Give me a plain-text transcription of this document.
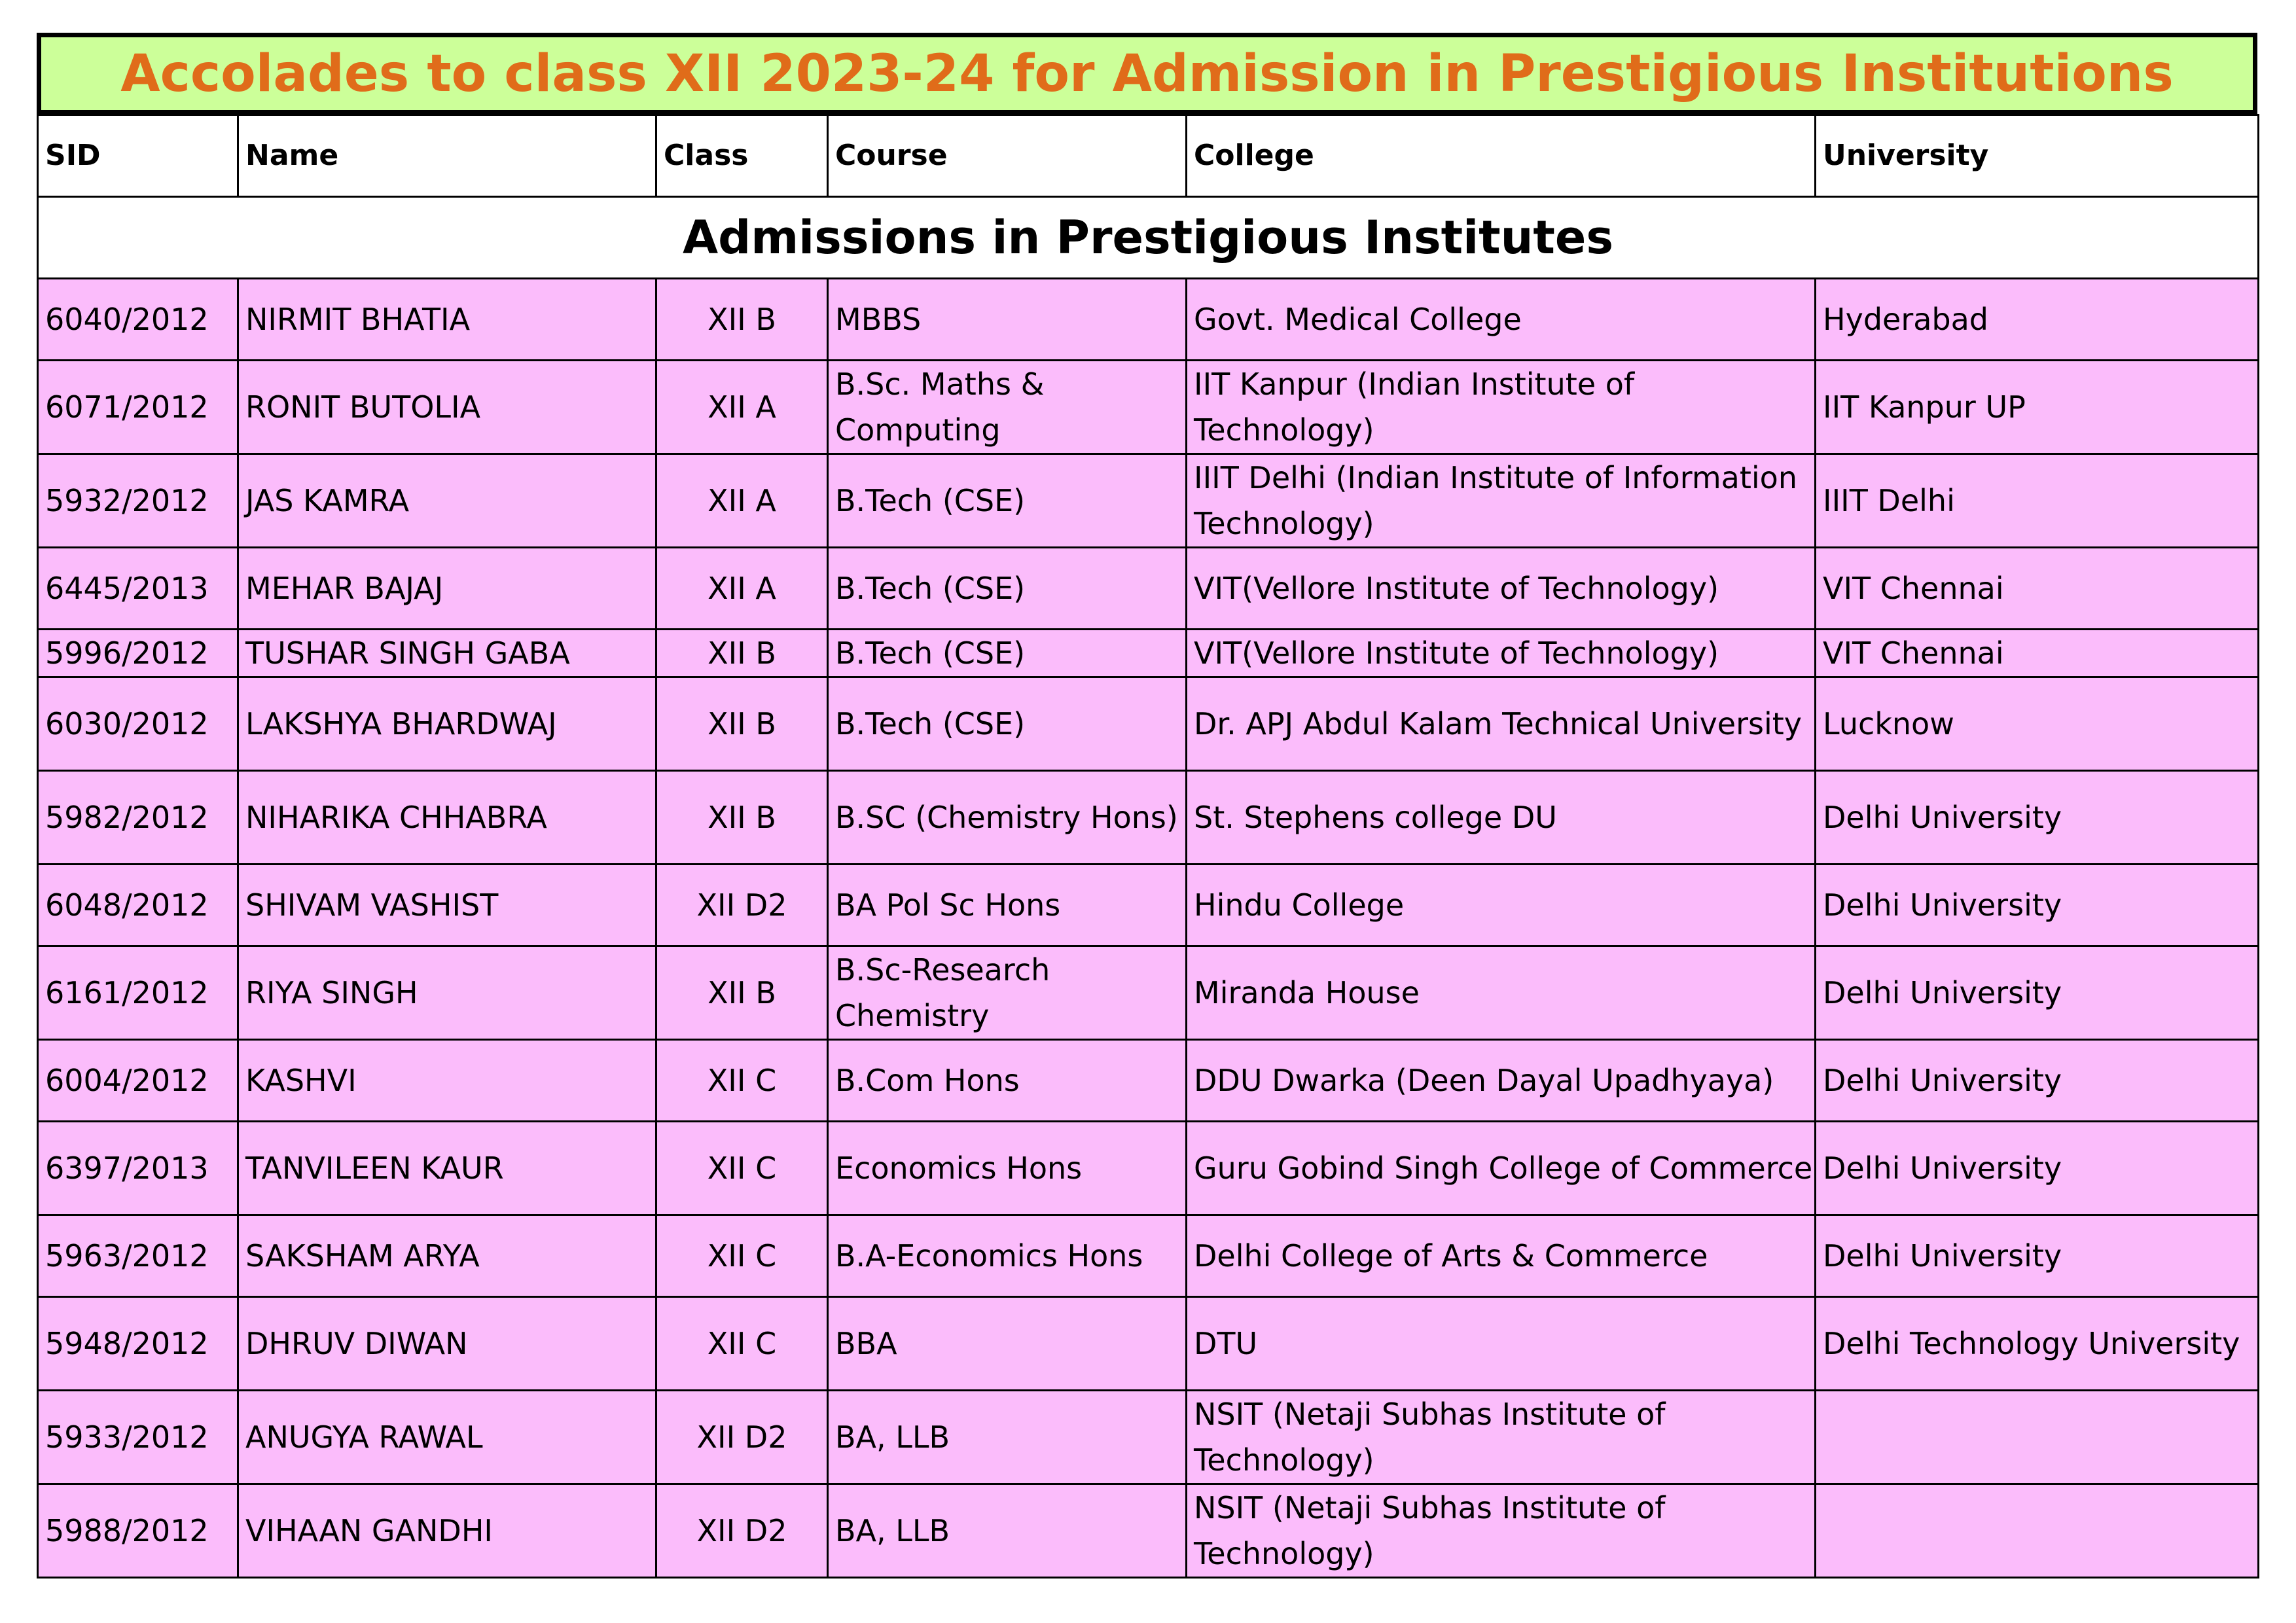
Accolades to class XII 2023-24 for Admission in Prestigious Institutions
SID	Name	Class	Course	College	University
Admissions in Prestigious Institutes					
6040/2012	NIRMIT BHATIA	XII B	MBBS	Govt. Medical College	Hyderabad
6071/2012	RONIT BUTOLIA	XII A	B.Sc. Maths & Computing	IIT Kanpur (Indian Institute of Technology)	IIT Kanpur UP
5932/2012	JAS KAMRA	XII A	B.Tech (CSE)	IIIT Delhi (Indian Institute of Information Technology)	IIIT Delhi
6445/2013	MEHAR BAJAJ	XII A	B.Tech (CSE)	VIT(Vellore Institute of Technology)	VIT Chennai
5996/2012	TUSHAR SINGH GABA	XII B	B.Tech (CSE)	VIT(Vellore Institute of Technology)	VIT Chennai
6030/2012	LAKSHYA BHARDWAJ	XII B	B.Tech (CSE)	Dr. APJ Abdul Kalam Technical University	Lucknow
5982/2012	NIHARIKA CHHABRA	XII B	B.SC (Chemistry Hons)	St. Stephens college DU	Delhi University
6048/2012	SHIVAM VASHIST	XII D2	BA Pol Sc Hons	Hindu College	Delhi University
6161/2012	RIYA SINGH	XII B	B.Sc-Research Chemistry	Miranda House	Delhi University
6004/2012	KASHVI	XII C	B.Com Hons	DDU Dwarka (Deen Dayal Upadhyaya)	Delhi University
6397/2013	TANVILEEN KAUR	XII C	Economics Hons	Guru Gobind Singh College of Commerce	Delhi University
5963/2012	SAKSHAM ARYA	XII C	B.A-Economics Hons	Delhi College of Arts & Commerce	Delhi University
5948/2012	DHRUV DIWAN	XII C	BBA	DTU	Delhi Technology University
5933/2012	ANUGYA RAWAL	XII D2	BA, LLB	NSIT (Netaji Subhas Institute of Technology)	
5988/2012	VIHAAN GANDHI	XII D2	BA, LLB	NSIT (Netaji Subhas Institute of Technology)	
